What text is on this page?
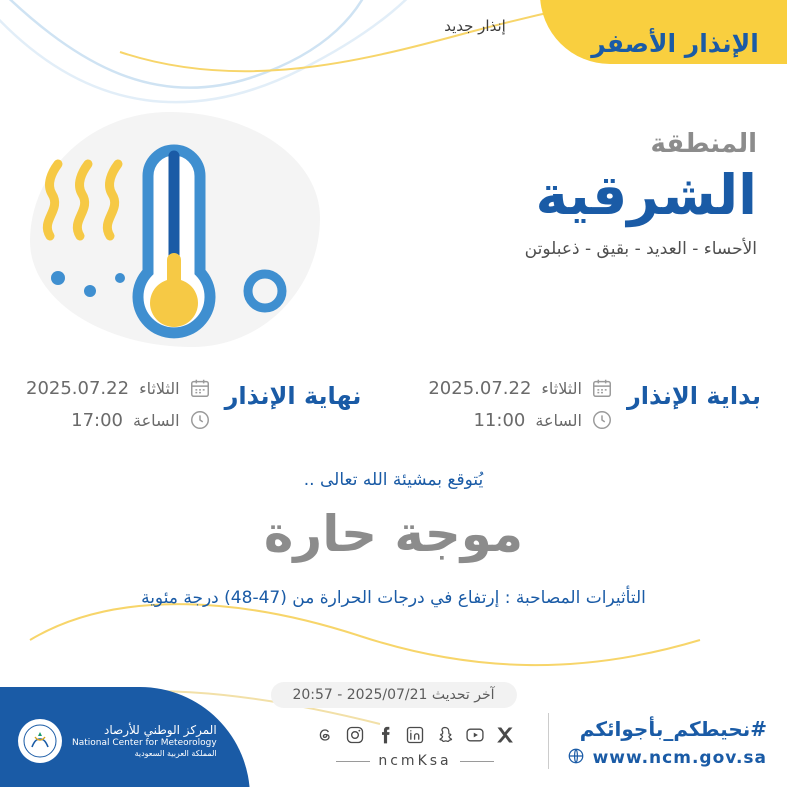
الإنذار الأصفر
إنذار جديد
المنطقة
الشرقية
الأحساء - العديد - بقيق - ذعبلوتن
بداية الإنذار
الثلاثاء
2025.07.22
الساعة
11:00
نهاية الإنذار
الثلاثاء
2025.07.22
الساعة
17:00
يُتوقع بمشيئة الله تعالى ..
موجة حارة
التأثيرات المصاحبة : إرتفاع في درجات الحرارة من (47-48) درجة مئوية
آخر تحديث 2025/07/21 - 20:57
المركز الوطني للأرصاد
National Center for Meteorology
المملكة العربية السعودية	ncmKsa
#نحيطكم_بأجوائكم
www.ncm.gov.sa
